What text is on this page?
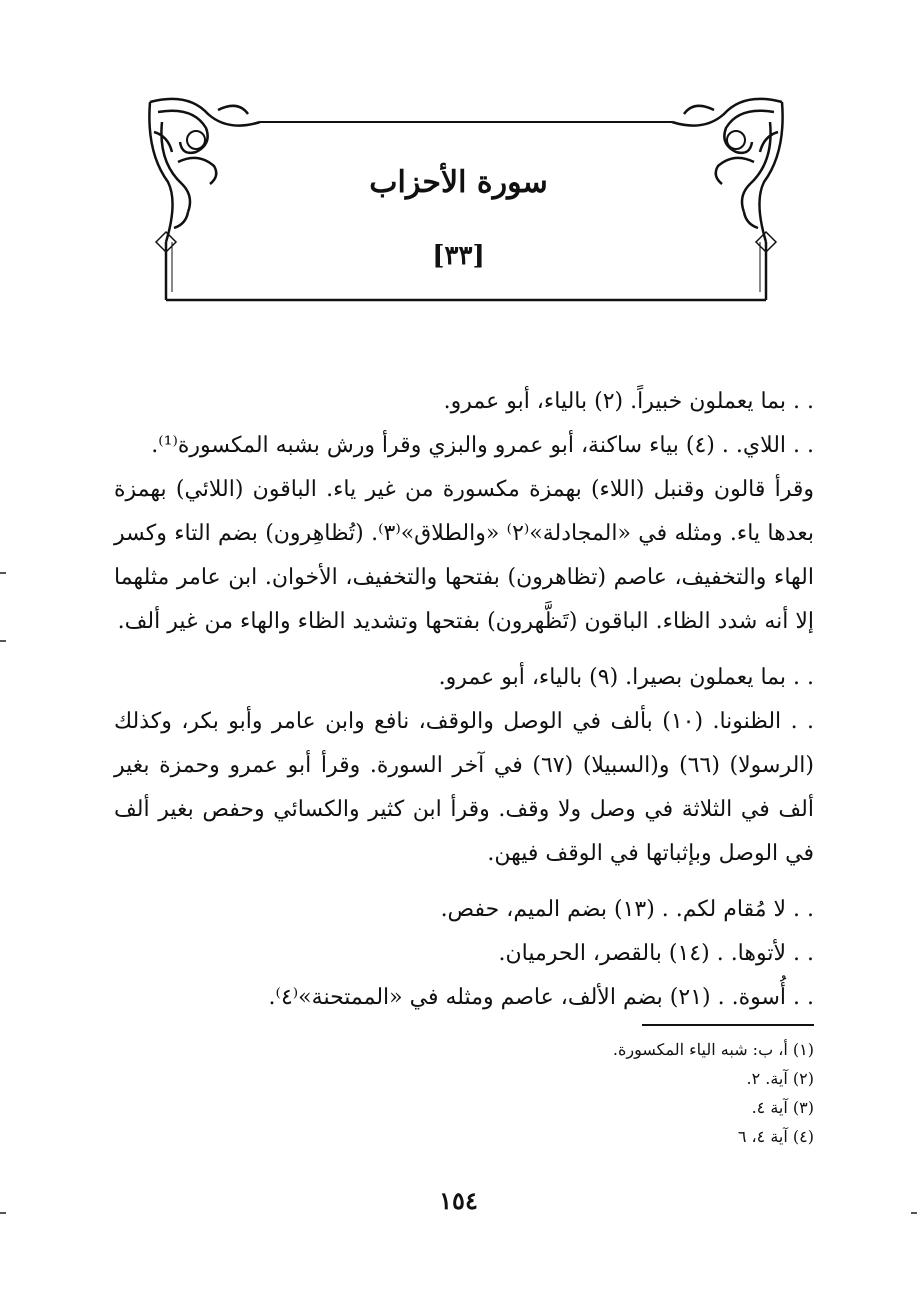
سورة الأحزاب
[٣٣]

. . بما يعملون خبيراً. (٢) بالياء، أبو عمرو.

. . اللاي. . (٤) بياء ساكنة، أبو عمرو والبزي وقرأ ورش بشبه المكسورة⁽¹⁾.

وقرأ قالون وقنبل (اللاء) بهمزة مكسورة من غير ياء. الباقون (اللائي) بهمزة بعدها ياء. ومثله في «المجادلة»⁽٢⁾ «والطلاق»⁽٣⁾. (تُظاهِرون) بضم التاء وكسر الهاء والتخفيف، عاصم (تظاهرون) بفتحها والتخفيف، الأخوان. ابن عامر مثلهما إلا أنه شدد الظاء. الباقون (تَظَّهرون) بفتحها وتشديد الظاء والهاء من غير ألف.

. . بما يعملون بصيرا. (٩) بالياء، أبو عمرو.

. . الظنونا. (١٠) بألف في الوصل والوقف، نافع وابن عامر وأبو بكر، وكذلك (الرسولا) (٦٦) و(السبيلا) (٦٧) في آخر السورة. وقرأ أبو عمرو وحمزة بغير ألف في الثلاثة في وصل ولا وقف. وقرأ ابن كثير والكسائي وحفص بغير ألف في الوصل وبإثباتها في الوقف فيهن.

. . لا مُقام لكم. . (١٣) بضم الميم، حفص.

. . لأتوها. . (١٤) بالقصر، الحرميان.

. . أُسوة. . (٢١) بضم الألف، عاصم ومثله في «الممتحنة»⁽٤⁾.

(١) أ، ب: شبه الياء المكسورة.

(٢) آية. ٢.

(٣) آية ٤.

(٤) آية ٤، ٦

١٥٤
